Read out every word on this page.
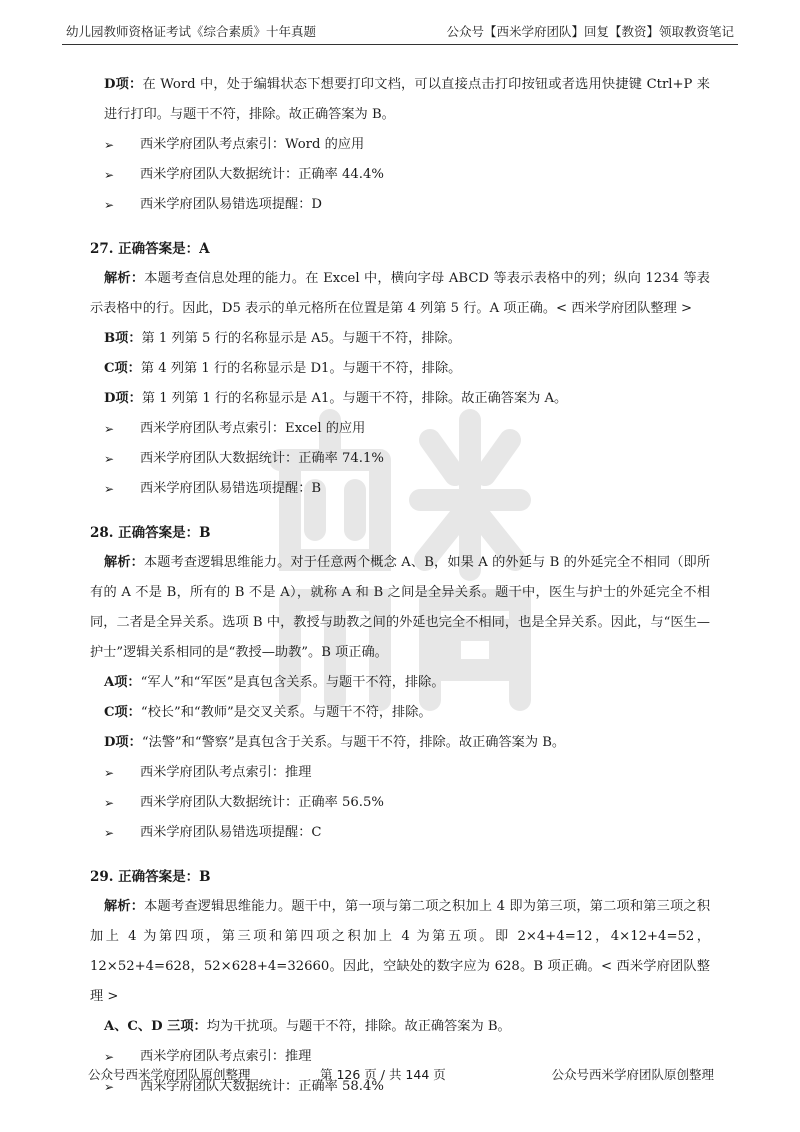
幼儿园教师资格证考试《综合素质》十年真题	公众号【西米学府团队】回复【教资】领取教资笔记
D项：在 Word 中，处于编辑状态下想要打印文档，可以直接点击打印按钮或者选用快捷键 Ctrl+P 来进行打印。与题干不符，排除。故正确答案为 B。
➢	西米学府团队考点索引：Word 的应用
➢	西米学府团队大数据统计：正确率 44.4%
➢	西米学府团队易错选项提醒：D
27. 正确答案是：A
解析：本题考查信息处理的能力。在 Excel 中，横向字母 ABCD 等表示表格中的列；纵向 1234 等表示表格中的行。因此，D5 表示的单元格所在位置是第 4 列第 5 行。A 项正确。< 西米学府团队整理 >
B项：第 1 列第 5 行的名称显示是 A5。与题干不符，排除。
C项：第 4 列第 1 行的名称显示是 D1。与题干不符，排除。
D项：第 1 列第 1 行的名称显示是 A1。与题干不符，排除。故正确答案为 A。
➢	西米学府团队考点索引：Excel 的应用
➢	西米学府团队大数据统计：正确率 74.1%
➢	西米学府团队易错选项提醒：B
28. 正确答案是：B
解析：本题考查逻辑思维能力。对于任意两个概念 A、B，如果 A 的外延与 B 的外延完全不相同（即所有的 A 不是 B，所有的 B 不是 A），就称 A 和 B 之间是全异关系。题干中，医生与护士的外延完全不相同，二者是全异关系。选项 B 中，教授与助教之间的外延也完全不相同，也是全异关系。因此，与“医生—护士”逻辑关系相同的是“教授—助教”。B 项正确。
A项：“军人”和“军医”是真包含关系。与题干不符，排除。
C项：“校长”和“教师”是交叉关系。与题干不符，排除。
D项：“法警”和“警察”是真包含于关系。与题干不符，排除。故正确答案为 B。
➢	西米学府团队考点索引：推理
➢	西米学府团队大数据统计：正确率 56.5%
➢	西米学府团队易错选项提醒：C
29. 正确答案是：B
解析：本题考查逻辑思维能力。题干中，第一项与第二项之积加上 4 即为第三项，第二项和第三项之积加上 4 为第四项，第三项和第四项之积加上 4 为第五项。即 2×4+4=12，4×12+4=52，12×52+4=628，52×628+4=32660。因此，空缺处的数字应为 628。B 项正确。< 西米学府团队整理 >
A、C、D 三项：均为干扰项。与题干不符，排除。故正确答案为 B。
➢	西米学府团队考点索引：推理
➢	西米学府团队大数据统计：正确率 58.4%
公众号西米学府团队原创整理	第 126 页 / 共 144 页	公众号西米学府团队原创整理
